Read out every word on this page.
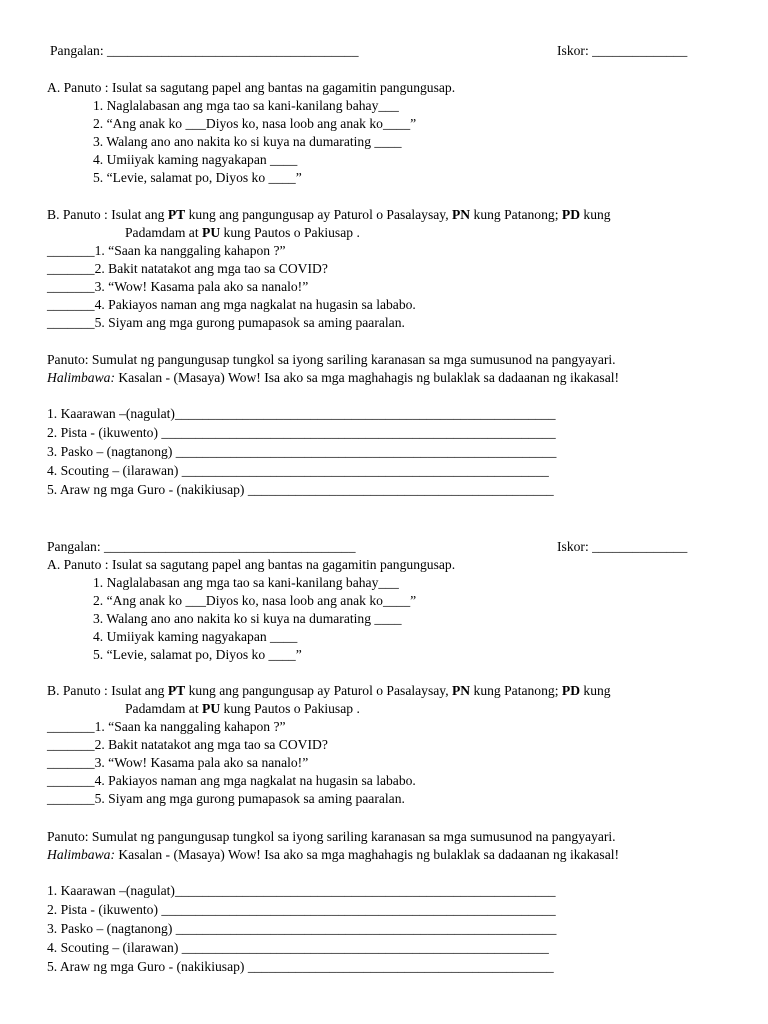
Pangalan: _____________________________________	Iskor: ______________
A. Panuto : Isulat sa sagutang papel ang bantas na gagamitin pangungusap.
1. Naglalabasan ang mga tao sa kani-kanilang bahay___
2. “Ang anak ko ___Diyos ko, nasa loob ang anak ko____”
3. Walang ano ano nakita ko si kuya na dumarating ____
4. Umiiyak kaming nagyakapan ____
5. “Levie, salamat po, Diyos ko ____”
B. Panuto : Isulat ang PT kung ang pangungusap ay Paturol o Pasalaysay, PN kung Patanong; PD kung
Padamdam at PU kung Pautos o Pakiusap .
_______1. “Saan ka nanggaling kahapon ?”
_______2. Bakit natatakot ang mga tao sa COVID?
_______3. “Wow! Kasama pala ako sa nanalo!”
_______4. Pakiayos naman ang mga nagkalat na hugasin sa lababo.
_______5. Siyam ang mga gurong pumapasok sa aming paaralan.
Panuto: Sumulat ng pangungusap tungkol sa iyong sariling karanasan sa mga sumusunod na pangyayari.
Halimbawa: Kasalan - (Masaya) Wow! Isa ako sa mga maghahagis ng bulaklak sa dadaanan ng ikakasal!
1. Kaarawan –(nagulat)________________________________________________________
2. Pista - (ikuwento) __________________________________________________________
3. Pasko – (nagtanong) ________________________________________________________
4. Scouting – (ilarawan) ______________________________________________________
5. Araw ng mga Guro - (nakikiusap) _____________________________________________
Pangalan: _____________________________________	Iskor: ______________
A. Panuto : Isulat sa sagutang papel ang bantas na gagamitin pangungusap.
1. Naglalabasan ang mga tao sa kani-kanilang bahay___
2. “Ang anak ko ___Diyos ko, nasa loob ang anak ko____”
3. Walang ano ano nakita ko si kuya na dumarating ____
4. Umiiyak kaming nagyakapan ____
5. “Levie, salamat po, Diyos ko ____”
B. Panuto : Isulat ang PT kung ang pangungusap ay Paturol o Pasalaysay, PN kung Patanong; PD kung
Padamdam at PU kung Pautos o Pakiusap .
_______1. “Saan ka nanggaling kahapon ?”
_______2. Bakit natatakot ang mga tao sa COVID?
_______3. “Wow! Kasama pala ako sa nanalo!”
_______4. Pakiayos naman ang mga nagkalat na hugasin sa lababo.
_______5. Siyam ang mga gurong pumapasok sa aming paaralan.
Panuto: Sumulat ng pangungusap tungkol sa iyong sariling karanasan sa mga sumusunod na pangyayari.
Halimbawa: Kasalan - (Masaya) Wow! Isa ako sa mga maghahagis ng bulaklak sa dadaanan ng ikakasal!
1. Kaarawan –(nagulat)________________________________________________________
2. Pista - (ikuwento) __________________________________________________________
3. Pasko – (nagtanong) ________________________________________________________
4. Scouting – (ilarawan) ______________________________________________________
5. Araw ng mga Guro - (nakikiusap) _____________________________________________
